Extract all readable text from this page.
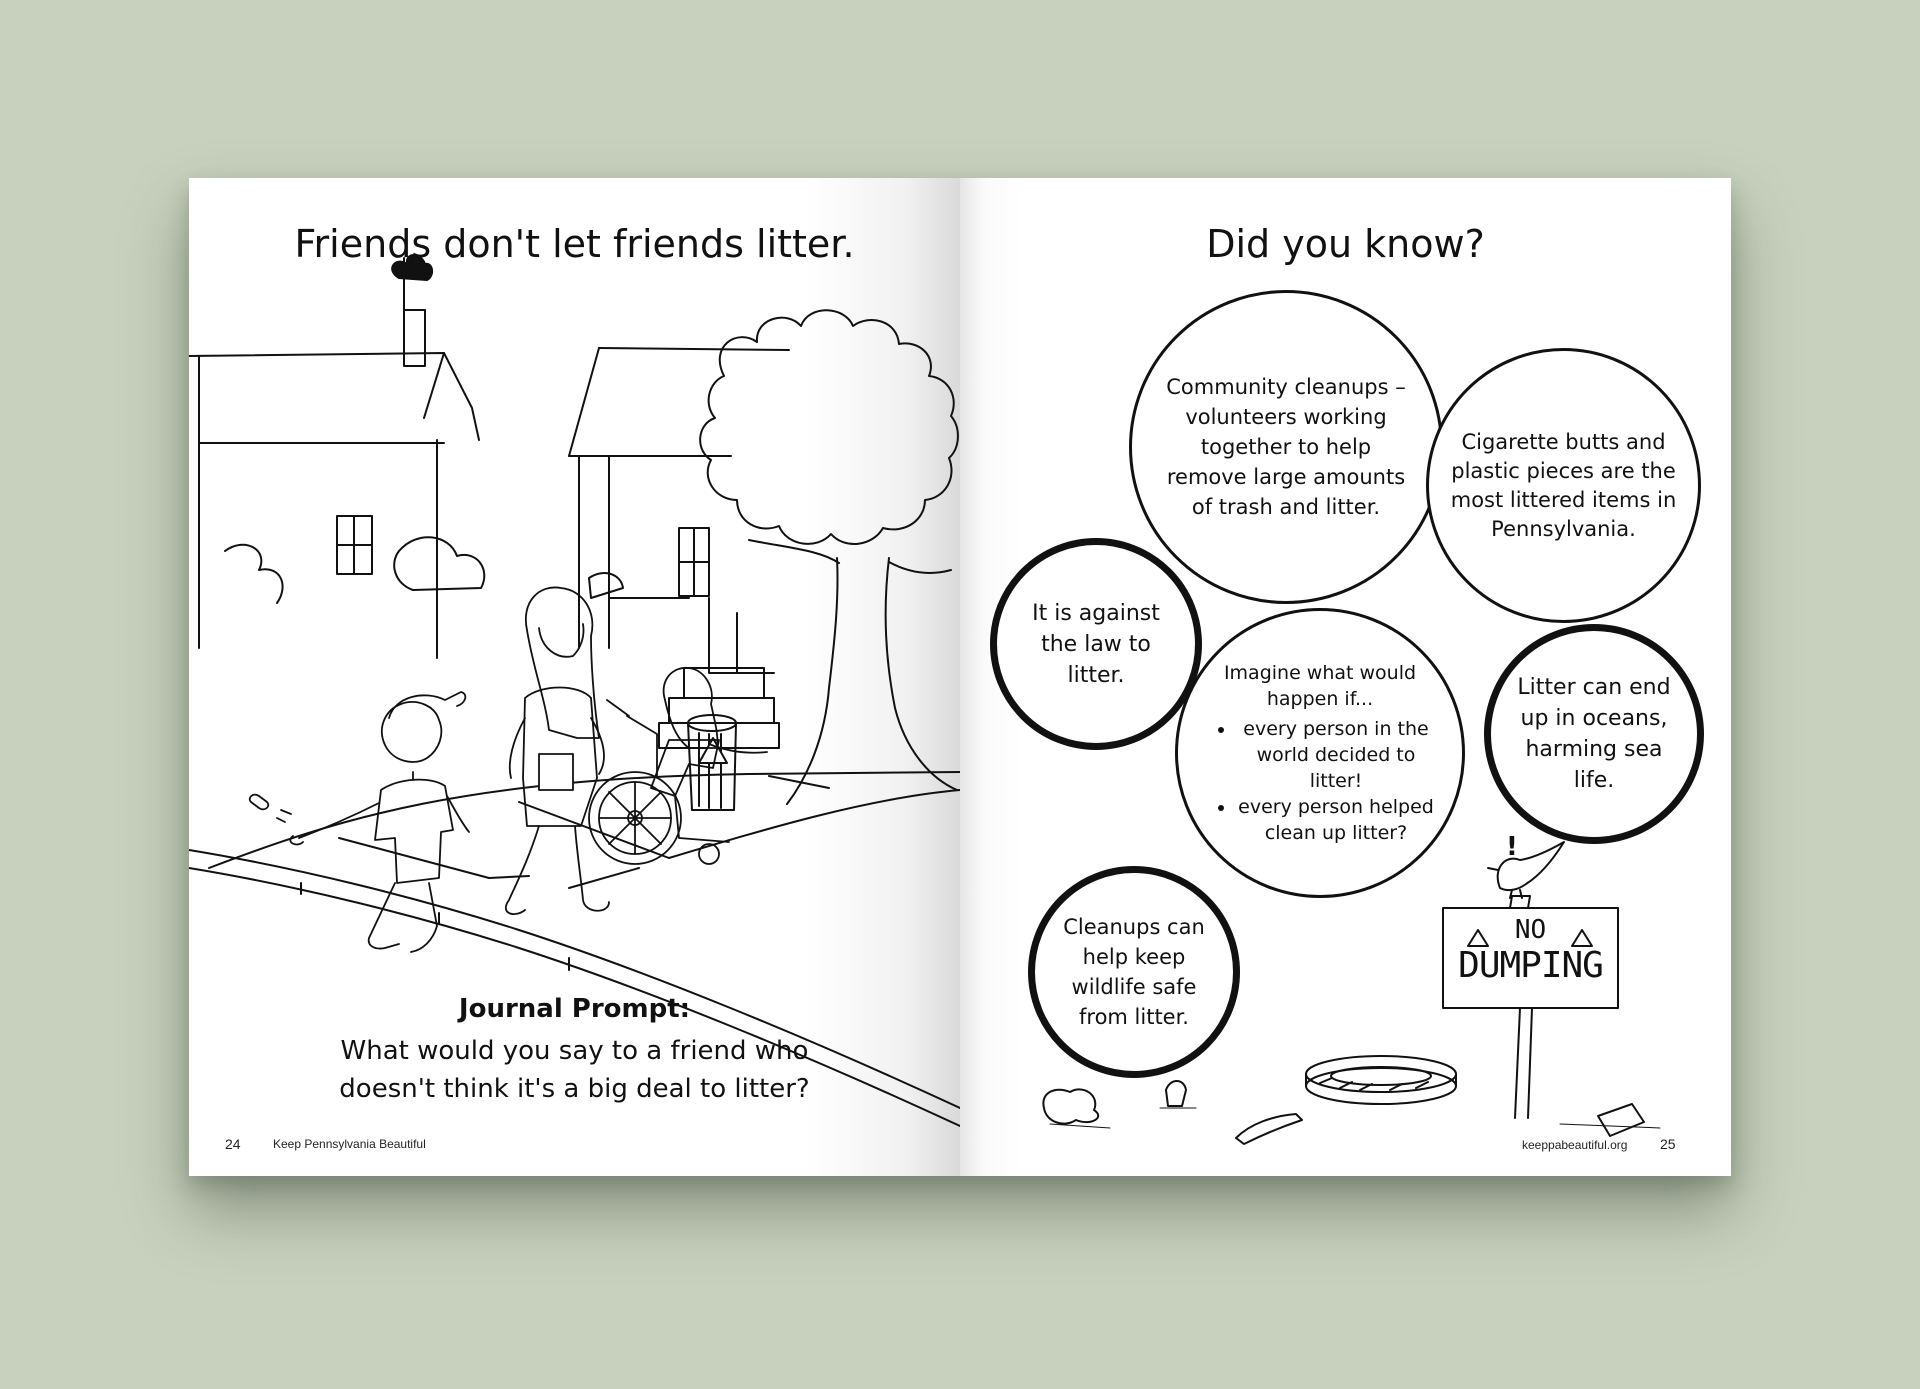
Friends don't let friends litter.
Journal Prompt:
What would you say to a friend who
doesn't think it's a big deal to litter?
24	Keep Pennsylvania Beautiful
Did you know?
Community cleanups – volunteers working together to help remove large amounts of trash and litter.
Cigarette butts and plastic pieces are the most littered items in Pennsylvania.
It is against the law to litter.	Imagine what would happen if...
• every person in the world decided to litter!
• every person helped clean up litter?
Litter can end up in oceans, harming sea life.
Cleanups can help keep wildlife safe from litter.
NO
DUMPING
!
keeppabeautiful.org 25
